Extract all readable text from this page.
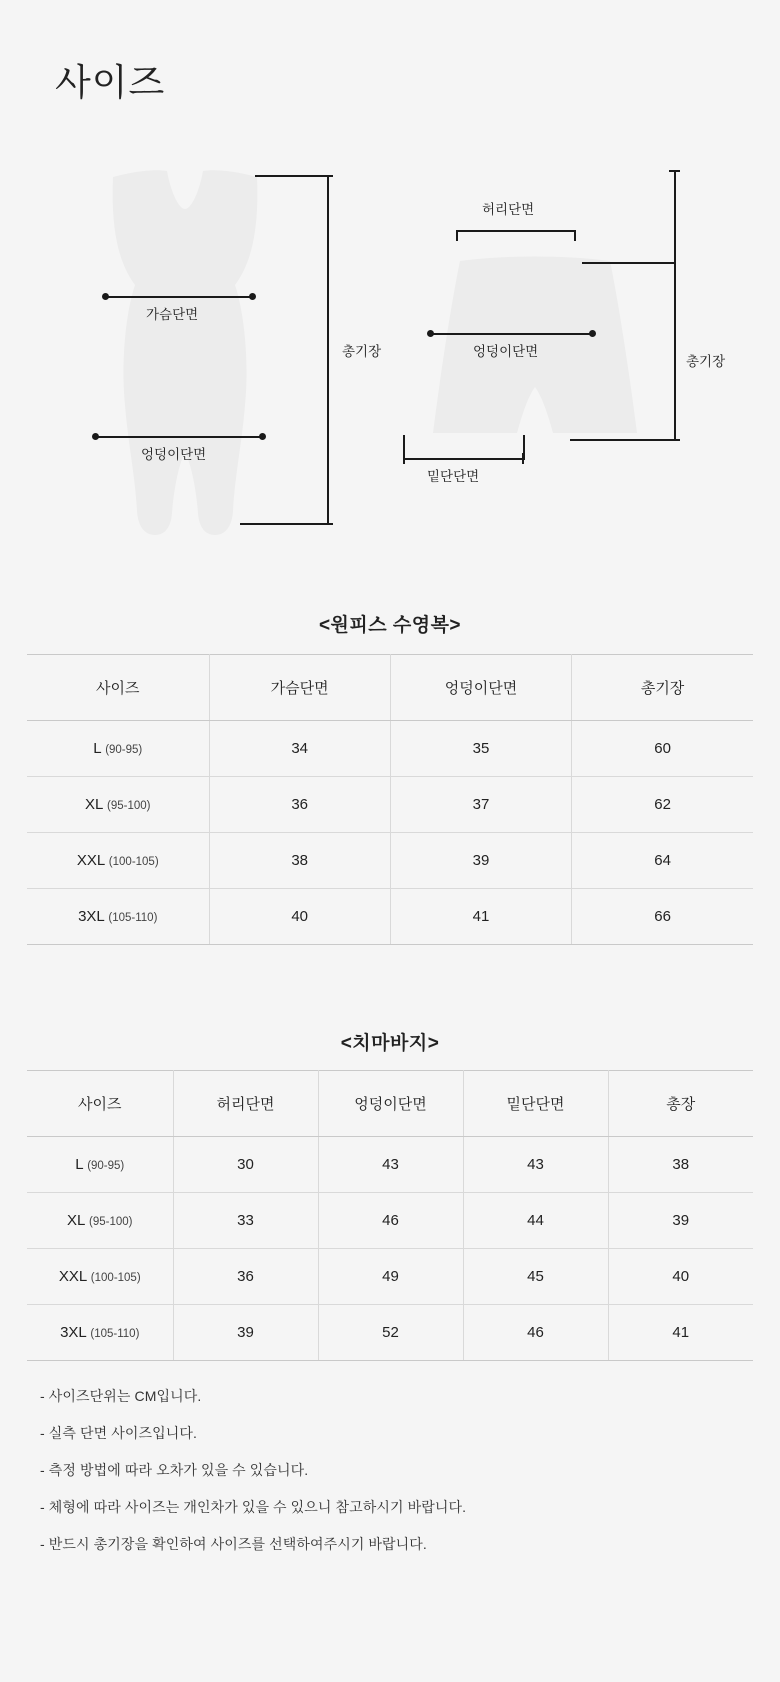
사이즈
가슴단면
엉덩이단면
총기장
허리단면
엉덩이단면
밑단단면
총기장
<원피스 수영복>
사이즈	가슴단면	엉덩이단면	총기장
L (90-95)	34	35	60
XL (95-100)	36	37	62
XXL (100-105)	38	39	64
3XL (105-110)	40	41	66
<치마바지>
사이즈	허리단면	엉덩이단면	밑단단면	총장
L (90-95)	30	43	43	38
XL (95-100)	33	46	44	39
XXL (100-105)	36	49	45	40
3XL (105-110)	39	52	46	41
- 사이즈단위는 CM입니다.
- 실측 단면 사이즈입니다.
- 측정 방법에 따라 오차가 있을 수 있습니다.
- 체형에 따라 사이즈는 개인차가 있을 수 있으니 참고하시기 바랍니다.
- 반드시 총기장을 확인하여 사이즈를 선택하여주시기 바랍니다.
